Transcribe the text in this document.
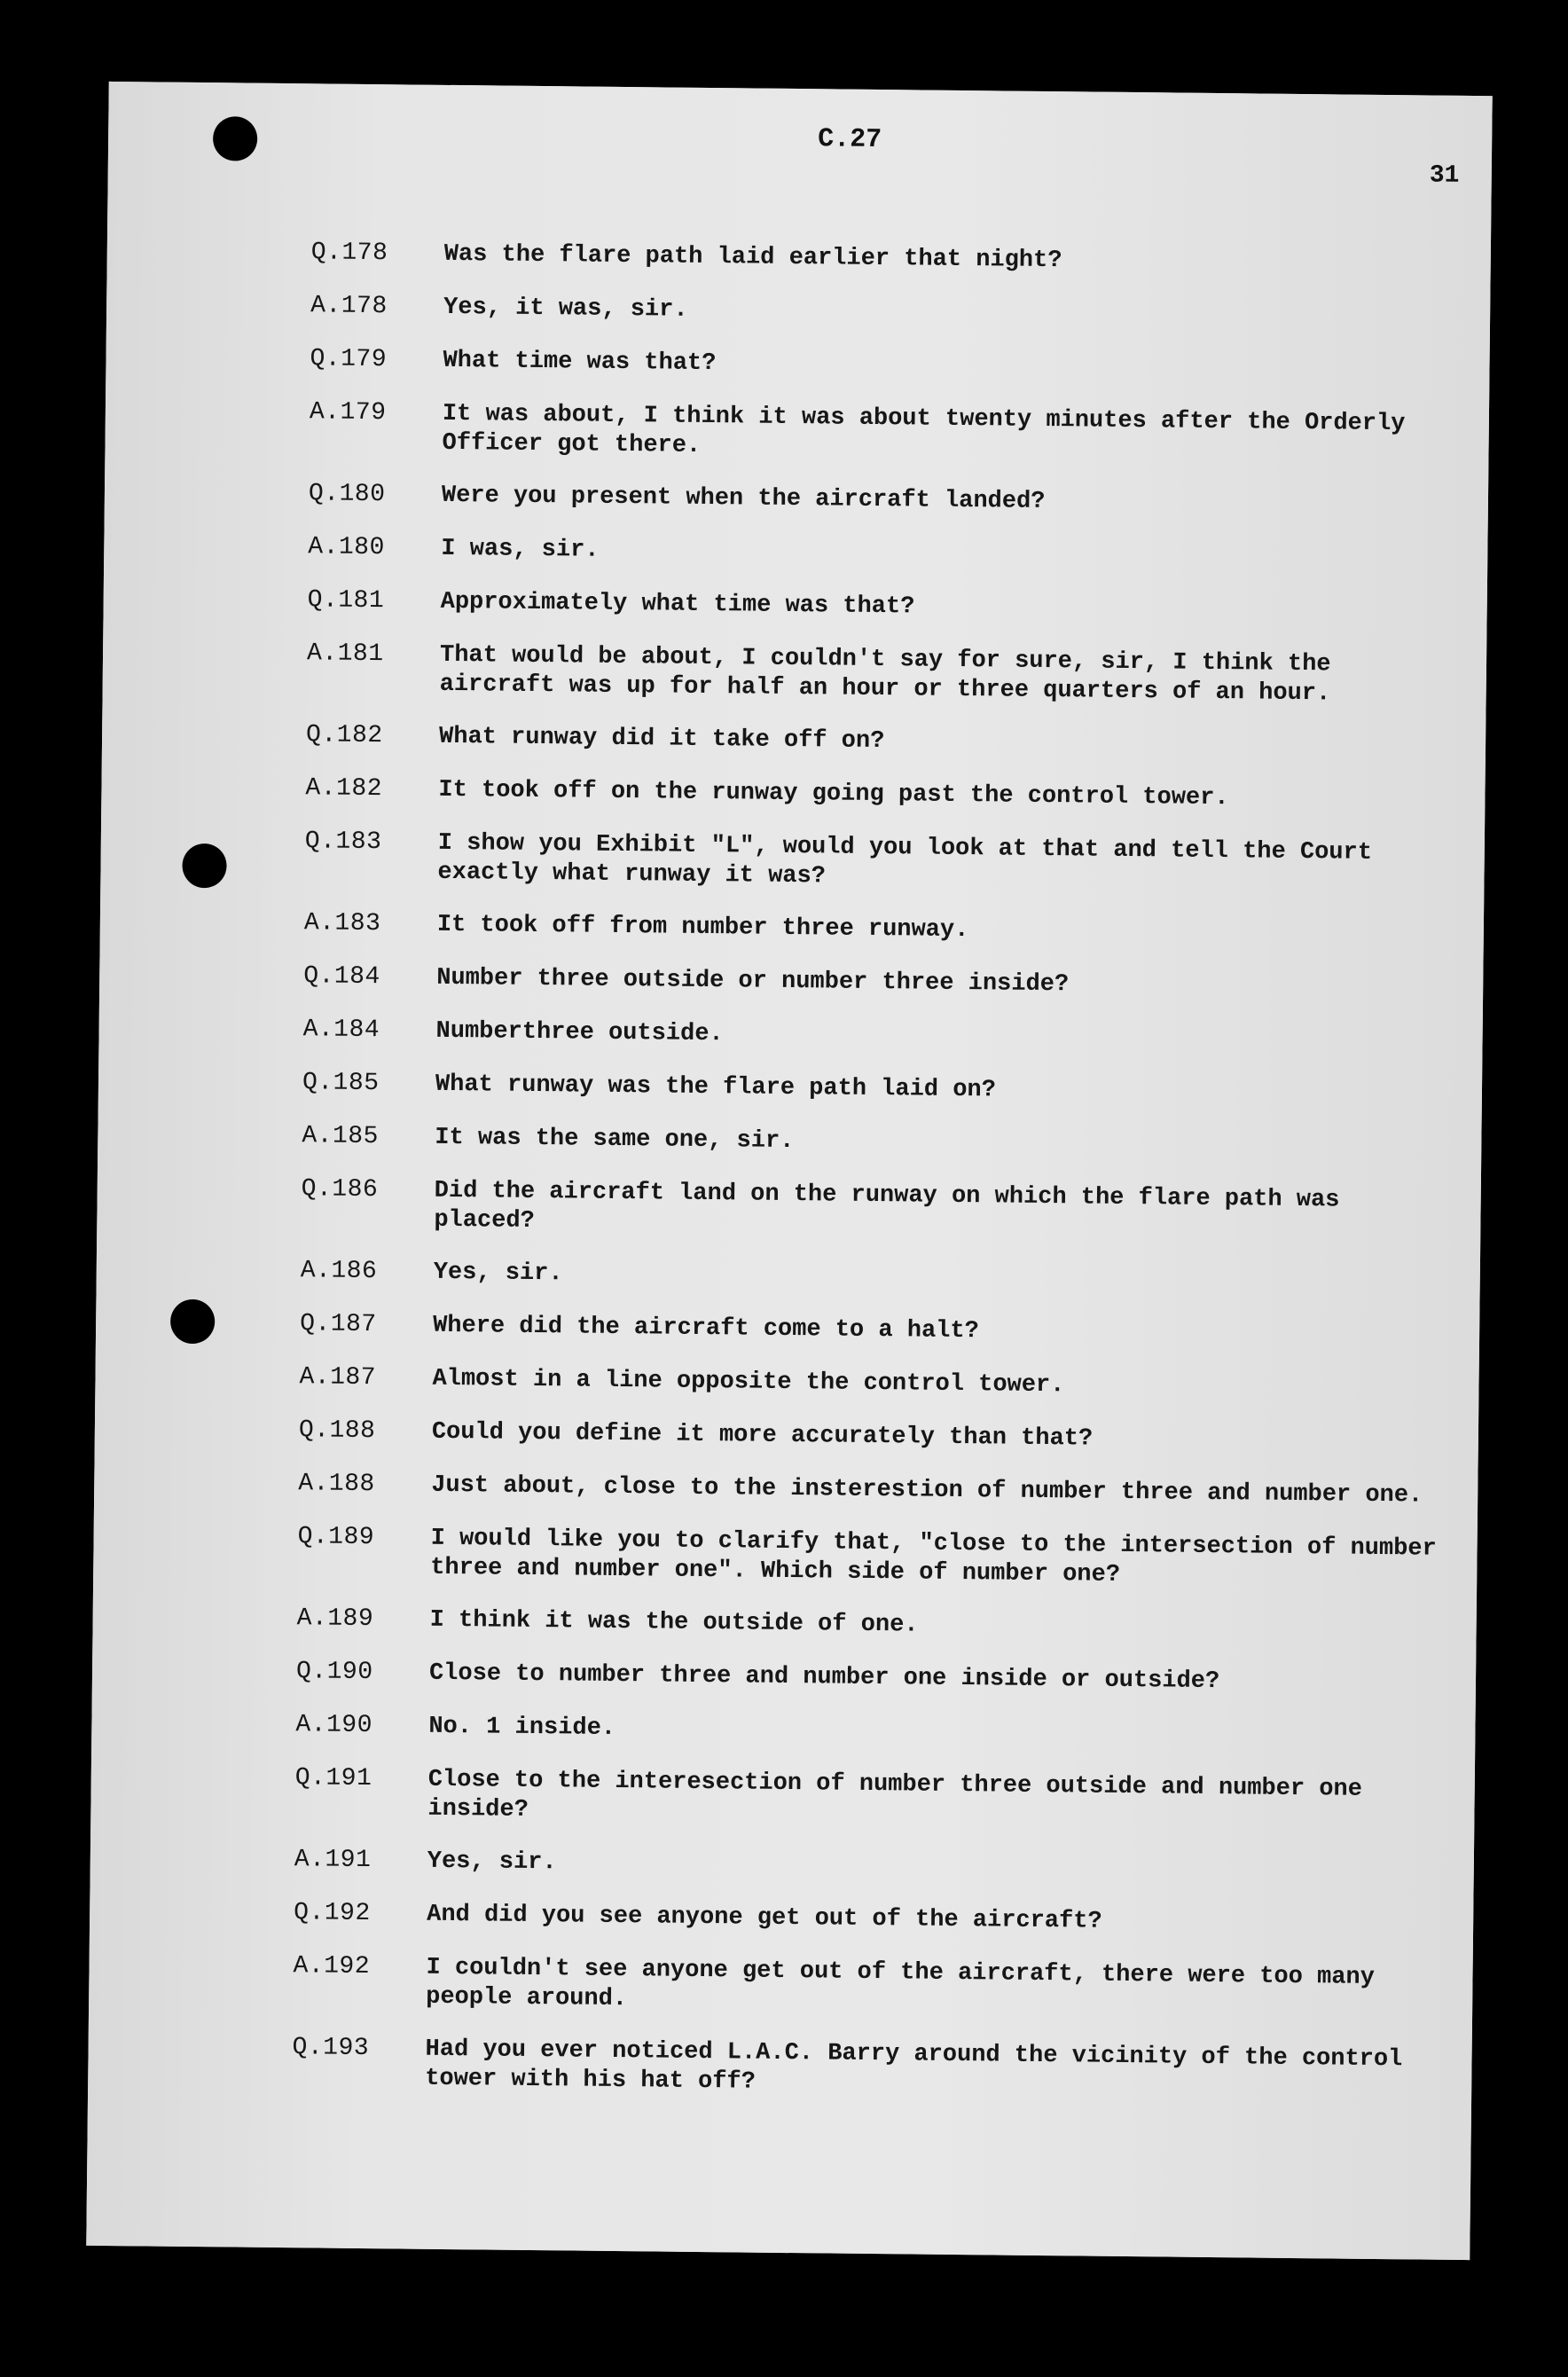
C.27
31
Q.178	Was the flare path laid earlier that night?
A.178	Yes, it was, sir.
Q.179	What time was that?
A.179	It was about, I think it was about twenty minutes after the Orderly Officer got there.
Q.180	Were you present when the aircraft landed?
A.180	I was, sir.
Q.181	Approximately what time was that?
A.181	That would be about, I couldn't say for sure, sir, I think the aircraft was up for half an hour or three quarters of an hour.
Q.182	What runway did it take off on?
A.182	It took off on the runway going past the control tower.
Q.183	I show you Exhibit "L", would you look at that and tell the Court exactly what runway it was?
A.183	It took off from number three runway.
Q.184	Number three outside or number three inside?
A.184	Numberthree outside.
Q.185	What runway was the flare path laid on?
A.185	It was the same one, sir.
Q.186	Did the aircraft land on the runway on which the flare path was placed?
A.186	Yes, sir.
Q.187	Where did the aircraft come to a halt?
A.187	Almost in a line opposite the control tower.
Q.188	Could you define it more accurately than that?
A.188	Just about, close to the insterestion of number three and number one.
Q.189	I would like you to clarify that, "close to the intersection of number three and number one". Which side of number one?
A.189	I think it was the outside of one.
Q.190	Close to number three and number one inside or outside?
A.190	No. 1 inside.
Q.191	Close to the interesection of number three outside and number one inside?
A.191	Yes, sir.
Q.192	And did you see anyone get out of the aircraft?
A.192	I couldn't see anyone get out of the aircraft, there were too many people around.
Q.193	Had you ever noticed L.A.C. Barry around the vicinity of the control tower with his hat off?
